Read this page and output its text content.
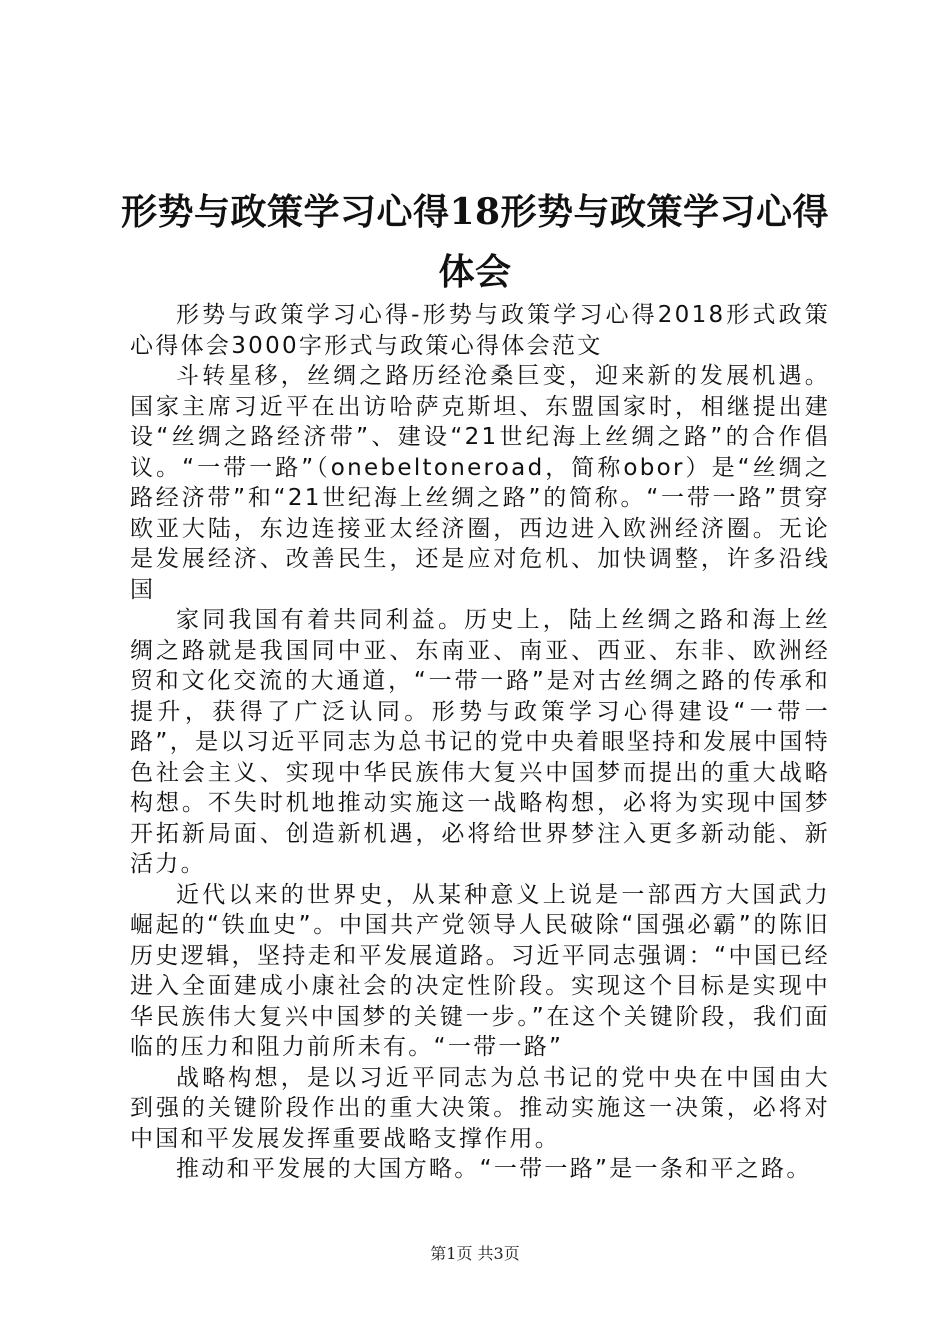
形势与政策学习心得18形势与政策学习心得体会

形势与政策学习心得-形势与政策学习心得2018形式政策心得体会3000字形式与政策心得体会范文

斗转星移，丝绸之路历经沧桑巨变，迎来新的发展机遇。国家主席习近平在出访哈萨克斯坦、东盟国家时，相继提出建设“丝绸之路经济带”、建设“21世纪海上丝绸之路”的合作倡议。“一带一路”（onebeltoneroad，简称obor）是“丝绸之路经济带”和“21世纪海上丝绸之路”的简称。“一带一路”贯穿欧亚大陆，东边连接亚太经济圈，西边进入欧洲经济圈。无论是发展经济、改善民生，还是应对危机、加快调整，许多沿线国

家同我国有着共同利益。历史上，陆上丝绸之路和海上丝绸之路就是我国同中亚、东南亚、南亚、西亚、东非、欧洲经贸和文化交流的大通道，“一带一路”是对古丝绸之路的传承和提升，获得了广泛认同。形势与政策学习心得建设“一带一路”，是以习近平同志为总书记的党中央着眼坚持和发展中国特色社会主义、实现中华民族伟大复兴中国梦而提出的重大战略构想。不失时机地推动实施这一战略构想，必将为实现中国梦开拓新局面、创造新机遇，必将给世界梦注入更多新动能、新活力。

近代以来的世界史，从某种意义上说是一部西方大国武力崛起的“铁血史”。中国共产党领导人民破除“国强必霸”的陈旧历史逻辑，坚持走和平发展道路。习近平同志强调：“中国已经进入全面建成小康社会的决定性阶段。实现这个目标是实现中华民族伟大复兴中国梦的关键一步。”在这个关键阶段，我们面临的压力和阻力前所未有。“一带一路”

战略构想，是以习近平同志为总书记的党中央在中国由大到强的关键阶段作出的重大决策。推动实施这一决策，必将对中国和平发展发挥重要战略支撑作用。

推动和平发展的大国方略。“一带一路”是一条和平之路。

第1页 共3页
